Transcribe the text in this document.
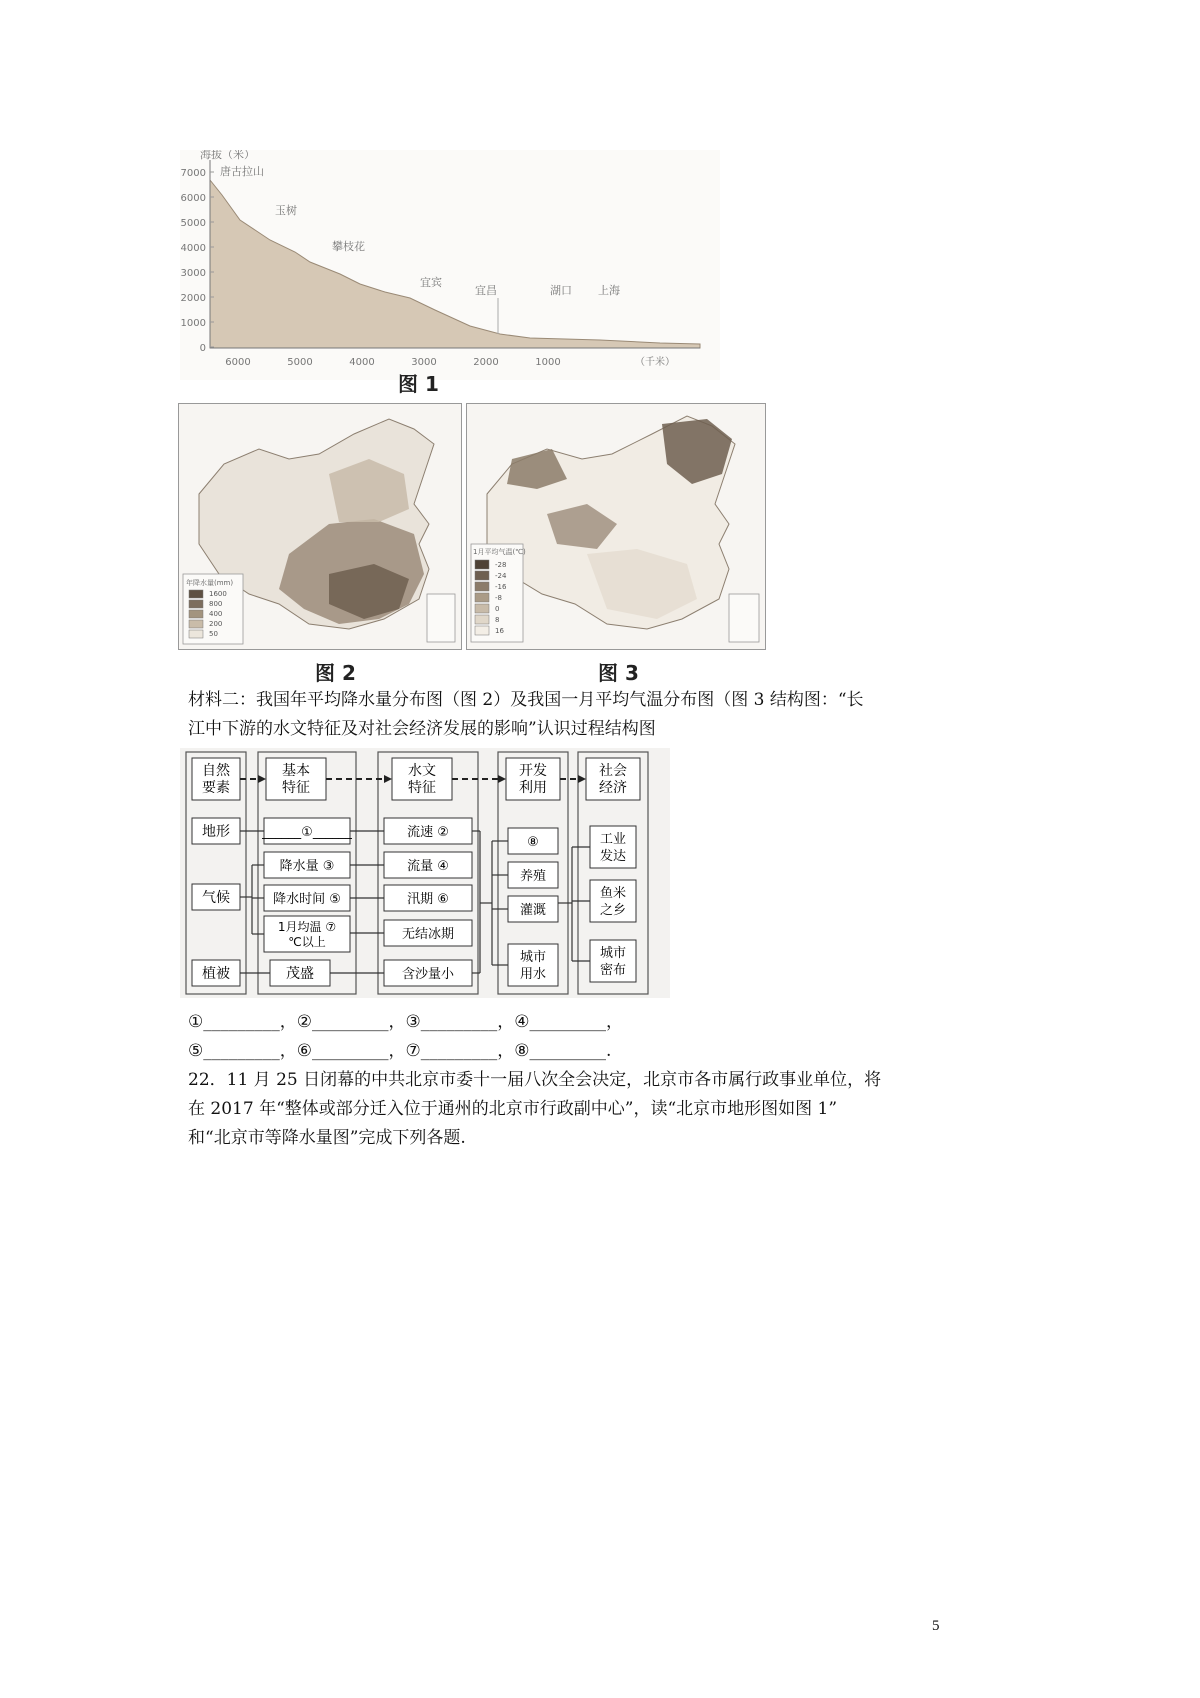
海拔（米）
7000
6000
5000
4000
3000
2000
1000
0
6000	5000	4000	3000	2000	1000	（千米）
唐古拉山
玉树
攀枝花
宜宾
宜昌	湖口 上海
图 1
年降水量(mm)
1600
800
400
200
50
图 2
1月平均气温(℃)
-28
-24
-16
-8
0
8
16
图 3

材料二：我国年平均降水量分布图（图 2）及我国一月平均气温分布图（图 3 结构图：“长

江中下游的水文特征及对社会经济发展的影响”认识过程结构图

自然要素
地形
气候
植被
基本特征
______①______
降水量 ③
降水时间 ⑤
1月均温 ⑦ ℃以上
茂盛
水文特征
流速 ②
流量 ④
汛期 ⑥
无结冰期
含沙量小
开发利用
⑧
养殖
灌溉
城市用水
社会经济
工业发达
鱼米之乡
城市密布
①_________，②_________，③_________，④_________，
⑤_________，⑥_________，⑦_________，⑧_________.

22．11 月 25 日闭幕的中共北京市委十一届八次全会决定，北京市各市属行政事业单位，将

在 2017 年“整体或部分迁入位于通州的北京市行政副中心”，读“北京市地形图如图 1”

和“北京市等降水量图”完成下列各题.

5
